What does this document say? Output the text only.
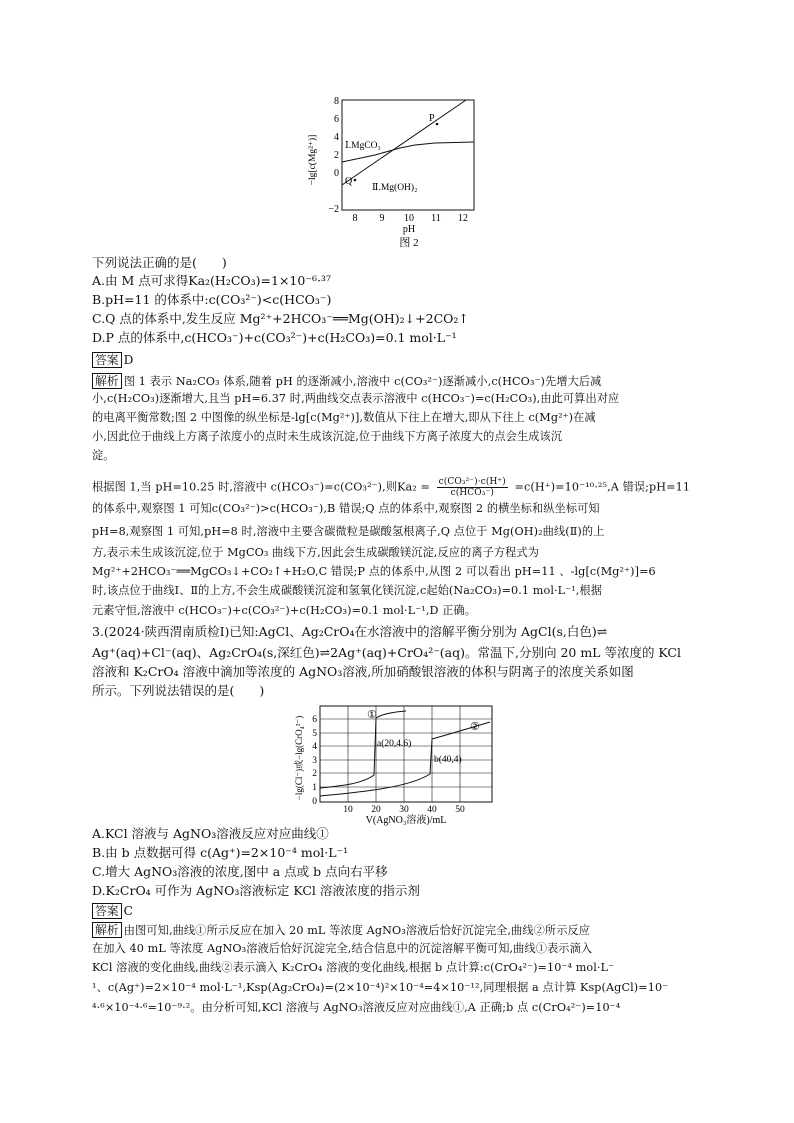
8
6
4
2
0
−2
8 9 10 11 12
pH
−lg[c(Mg²⁺)]
P
Q
Ⅰ.MgCO₃
Ⅱ.Mg(OH)₂
图 2
下列说法正确的是(　　)
A.由 M 点可求得Ka₂(H₂CO₃)=1×10⁻⁶·³⁷
B.pH=11 的体系中:c(CO₃²⁻)<c(HCO₃⁻)
C.Q 点的体系中,发生反应 Mg²⁺+2HCO₃⁻══Mg(OH)₂↓+2CO₂↑
D.P 点的体系中,c(HCO₃⁻)+c(CO₃²⁻)+c(H₂CO₃)=0.1 mol·L⁻¹
答案 D
解析 图 1 表示 Na₂CO₃ 体系,随着 pH 的逐渐减小,溶液中 c(CO₃²⁻)逐渐减小,c(HCO₃⁻)先增大后减
小,c(H₂CO₃)逐渐增大,且当 pH=6.37 时,两曲线交点表示溶液中 c(HCO₃⁻)=c(H₂CO₃),由此可算出对应
的电离平衡常数;图 2 中图像的纵坐标是-lg[c(Mg²⁺)],数值从下往上在增大,即从下往上 c(Mg²⁺)在减
小,因此位于曲线上方离子浓度小的点时未生成该沉淀,位于曲线下方离子浓度大的点会生成该沉
淀。
根据图 1,当 pH=10.25 时,溶液中 c(HCO₃⁻)=c(CO₃²⁻),则Ka₂ = c(CO₃²⁻)·c(H⁺)
c(HCO₃⁻)	=c(H⁺)=10⁻¹⁰·²⁵,A 错误;pH=11
的体系中,观察图 1 可知c(CO₃²⁻)>c(HCO₃⁻),B 错误;Q 点的体系中,观察图 2 的横坐标和纵坐标可知
pH=8,观察图 1 可知,pH=8 时,溶液中主要含碳微粒是碳酸氢根离子,Q 点位于 Mg(OH)₂曲线(Ⅱ)的上
方,表示未生成该沉淀,位于 MgCO₃ 曲线下方,因此会生成碳酸镁沉淀,反应的离子方程式为
Mg²⁺+2HCO₃⁻══MgCO₃↓+CO₂↑+H₂O,C 错误;P 点的体系中,从图 2 可以看出 pH=11 、-lg[c(Mg²⁺)]=6
时,该点位于曲线Ⅰ、Ⅱ的上方,不会生成碳酸镁沉淀和氢氧化镁沉淀,c起始(Na₂CO₃)=0.1 mol·L⁻¹,根据
元素守恒,溶液中 c(HCO₃⁻)+c(CO₃²⁻)+c(H₂CO₃)=0.1 mol·L⁻¹,D 正确。
3.(2024·陕西渭南质检Ⅰ)已知:AgCl、Ag₂CrO₄在水溶液中的溶解平衡分别为 AgCl(s,白色)⇌
Ag⁺(aq)+Cl⁻(aq)、Ag₂CrO₄(s,深红色)⇌2Ag⁺(aq)+CrO₄²⁻(aq)。常温下,分别向 20 mL 等浓度的 KCl
溶液和 K₂CrO₄ 溶液中滴加等浓度的 AgNO₃溶液,所加硝酸银溶液的体积与阴离子的浓度关系如图
所示。下列说法错误的是(　　)
6
5
4
3
2
1
0
10 20 30 40 50
V(AgNO₃溶液)/mL
−lg(Cl⁻)或−lg(CrO₄²⁻)
①
②
a(20,4.6)
b(40,4)
A.KCl 溶液与 AgNO₃溶液反应对应曲线①
B.由 b 点数据可得 c(Ag⁺)=2×10⁻⁴ mol·L⁻¹
C.增大 AgNO₃溶液的浓度,图中 a 点或 b 点向右平移
D.K₂CrO₄ 可作为 AgNO₃溶液标定 KCl 溶液浓度的指示剂
答案 C
解析 由图可知,曲线①所示反应在加入 20 mL 等浓度 AgNO₃溶液后恰好沉淀完全,曲线②所示反应
在加入 40 mL 等浓度 AgNO₃溶液后恰好沉淀完全,结合信息中的沉淀溶解平衡可知,曲线①表示滴入
KCl 溶液的变化曲线,曲线②表示滴入 K₂CrO₄ 溶液的变化曲线,根据 b 点计算:c(CrO₄²⁻)=10⁻⁴ mol·L⁻
¹、c(Ag⁺)=2×10⁻⁴ mol·L⁻¹,Ksp(Ag₂CrO₄)=(2×10⁻⁴)²×10⁻⁴=4×10⁻¹²,同理根据 a 点计算 Ksp(AgCl)=10⁻
⁴·⁶×10⁻⁴·⁶=10⁻⁹·²。由分析可知,KCl 溶液与 AgNO₃溶液反应对应曲线①,A 正确;b 点 c(CrO₄²⁻)=10⁻⁴
